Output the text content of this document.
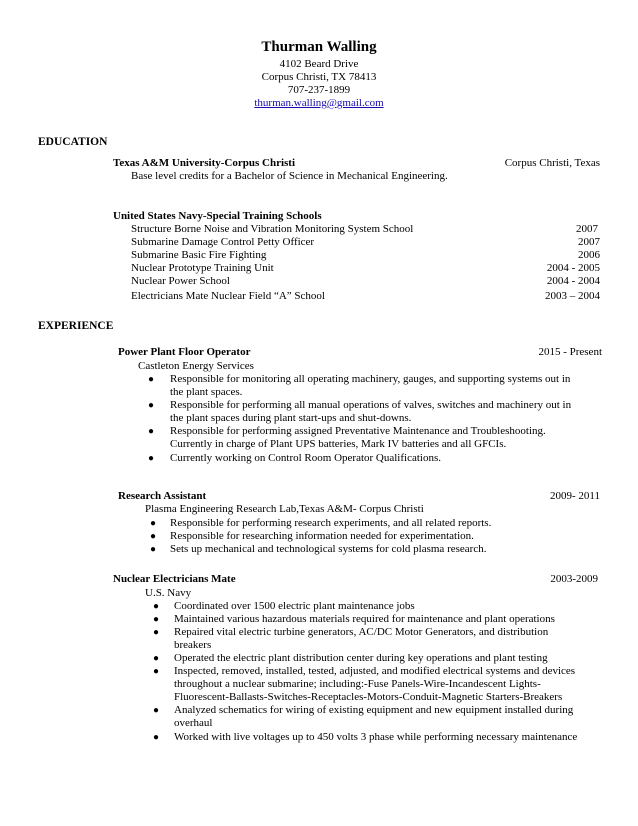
Thurman Walling
4102 Beard Drive
Corpus Christi, TX 78413
707-237-1899
thurman.walling@gmail.com
EDUCATION
Texas A&M University-Corpus Christi	Corpus Christi, Texas
Base level credits for a Bachelor of Science in Mechanical Engineering.
United States Navy-Special Training Schools
Structure Borne Noise and Vibration Monitoring System School	2007
Submarine Damage Control Petty Officer	2007
Submarine Basic Fire Fighting	2006
Nuclear Prototype Training Unit	2004 - 2005
Nuclear Power School	2004 - 2004
Electricians Mate Nuclear Field “A” School	2003 – 2004
EXPERIENCE
Power Plant Floor Operator	2015 - Present
Castleton Energy Services
● Responsible for monitoring all operating machinery, gauges, and supporting systems out in
the plant spaces.
● Responsible for performing all manual operations of valves, switches and machinery out in
the plant spaces during plant start-ups and shut-downs.
● Responsible for performing assigned Preventative Maintenance and Troubleshooting.
Currently in charge of Plant UPS batteries, Mark IV batteries and all GFCIs.
● Currently working on Control Room Operator Qualifications.
Research Assistant	2009- 2011
Plasma Engineering Research Lab,Texas A&M- Corpus Christi
● Responsible for performing research experiments, and all related reports.
● Responsible for researching information needed for experimentation.
● Sets up mechanical and technological systems for cold plasma research.
Nuclear Electricians Mate	2003-2009
U.S. Navy
● Coordinated over 1500 electric plant maintenance jobs
● Maintained various hazardous materials required for maintenance and plant operations
● Repaired vital electric turbine generators, AC/DC Motor Generators, and distribution
breakers
● Operated the electric plant distribution center during key operations and plant testing
● Inspected, removed, installed, tested, adjusted, and modified electrical systems and devices
throughout a nuclear submarine; including:-Fuse Panels-Wire-Incandescent Lights-
Fluorescent-Ballasts-Switches-Receptacles-Motors-Conduit-Magnetic Starters-Breakers
● Analyzed schematics for wiring of existing equipment and new equipment installed during
overhaul
● Worked with live voltages up to 450 volts 3 phase while performing necessary maintenance
